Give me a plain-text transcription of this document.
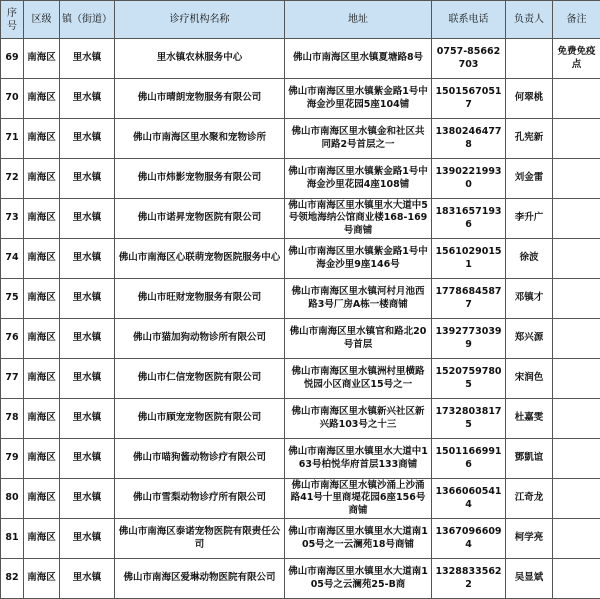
序号	区级	镇（街道）	诊疗机构名称	地址	联系电话	负责人	备注
69	南海区	里水镇	里水镇农林服务中心	佛山市南海区里水镇夏塘路8号	0757-85662703		免费免疫点
70	南海区	里水镇	佛山市晴朗宠物服务有限公司	佛山市南海区里水镇紫金路1号中海金沙里花园5座104铺	15015670517	何翠桃	
71	南海区	里水镇	佛山市南海区里水聚和宠物诊所	佛山市南海区里水镇金和社区共同路2号首层之一	13802464778	孔宪新	
72	南海区	里水镇	佛山市炜影宠物服务有限公司	佛山市南海区里水镇紫金路1号中海金沙里花园4座108铺	13902219930	刘金雷	
73	南海区	里水镇	佛山市诺昇宠物医院有限公司	佛山市南海区里水镇里水大道中5号领地海纳公馆商业楼168-169号商铺	18316571936	李升广	
74	南海区	里水镇	佛山市南海区心联萌宠物医院服务中心	佛山市南海区里水镇紫金路1号中海金沙里9座146号	15610290151	徐波	
75	南海区	里水镇	佛山市旺财宠物服务有限公司	佛山市南海区里水镇河村月池西路3号厂房A栋一楼商铺	17786845877	邓镇才	
76	南海区	里水镇	佛山市猫加狗动物诊所有限公司	佛山市南海区里水镇官和路北20号首层	13927730399	郑兴源	
77	南海区	里水镇	佛山市仁信宠物医院有限公司	佛山市南海区里水镇洲村里横路悦园小区商业区15号之一	15207597805	宋润色	
78	南海区	里水镇	佛山市顾宠宠物医院有限公司	佛山市南海区里水镇新兴社区新兴路103号之十三	17328038175	杜嘉雯	
79	南海区	里水镇	佛山市喵狗酱动物诊疗有限公司	佛山市南海区里水镇里水大道中163号柏悦华府首层133商铺	15011669916	鄧凱谊	
80	南海区	里水镇	佛山市雪梨动物诊疗所有限公司	佛山市南海区里水镇沙涌上沙涌路41号十里商堤花园6座156号商铺	13660605414	江奇龙	
81	南海区	里水镇	佛山市南海区泰诺宠物医院有限责任公司	佛山市南海区里水镇里水大道南105号之一云澜苑18号商铺	13670966094	柯学亮	
82	南海区	里水镇	佛山市南海区爱琳动物医院有限公司	佛山市南海区里水镇里水大道南105号之云澜苑25-B商	13288335622	吴显斌	
